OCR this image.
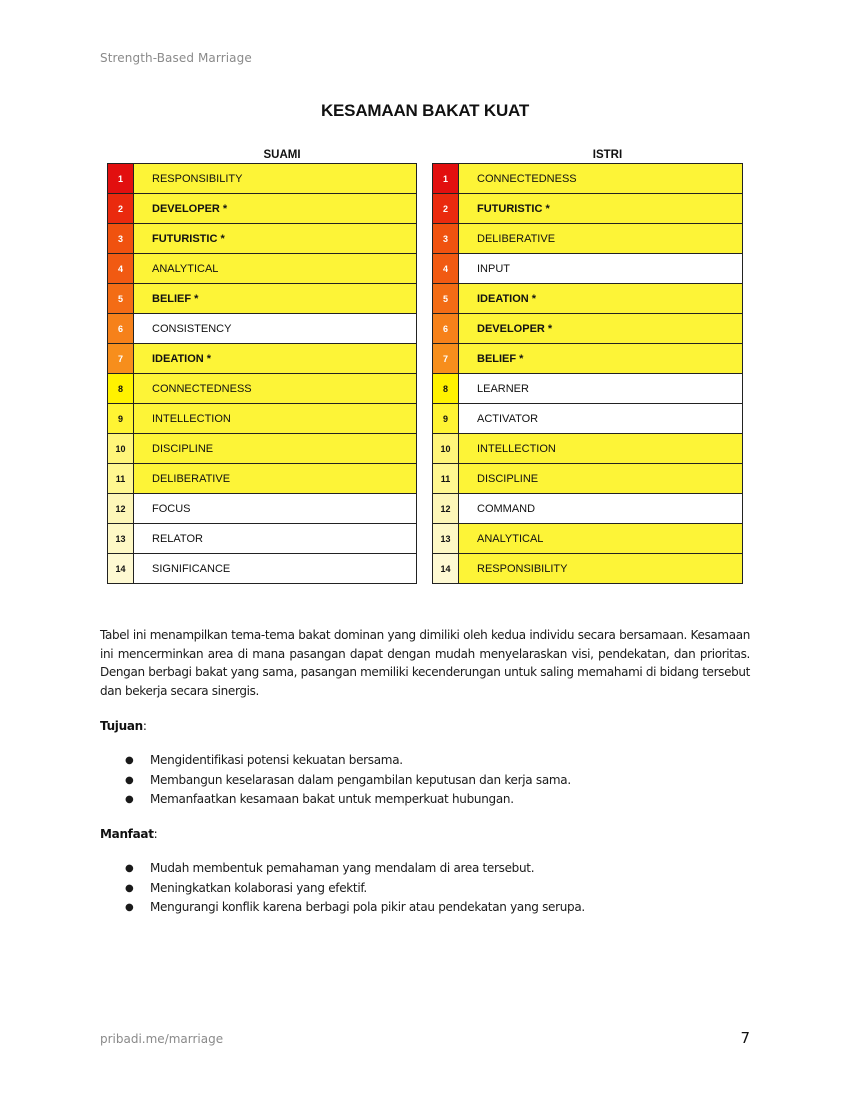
Strength-Based Marriage
KESAMAAN BAKAT KUAT
SUAMI
1	RESPONSIBILITY
2	DEVELOPER *
3	FUTURISTIC *
4	ANALYTICAL
5	BELIEF *
6	CONSISTENCY
7	IDEATION *
8	CONNECTEDNESS
9	INTELLECTION
10	DISCIPLINE
11	DELIBERATIVE
12	FOCUS
13	RELATOR
14	SIGNIFICANCE
ISTRI
1	CONNECTEDNESS
2	FUTURISTIC *
3	DELIBERATIVE
4	INPUT
5	IDEATION *
6	DEVELOPER *
7	BELIEF *
8	LEARNER
9	ACTIVATOR
10	INTELLECTION
11	DISCIPLINE
12	COMMAND
13	ANALYTICAL
14	RESPONSIBILITY
Tabel ini menampilkan tema-tema bakat dominan yang dimiliki oleh kedua individu secara bersamaan. Kesamaan ini mencerminkan area di mana pasangan dapat dengan mudah menyelaraskan visi, pendekatan, dan prioritas. Dengan berbagi bakat yang sama, pasangan memiliki kecenderungan untuk saling memahami di bidang tersebut dan bekerja secara sinergis.
Tujuan:
●	Mengidentifikasi potensi kekuatan bersama.
●	Membangun keselarasan dalam pengambilan keputusan dan kerja sama.
●	Memanfaatkan kesamaan bakat untuk memperkuat hubungan.
Manfaat:
●	Mudah membentuk pemahaman yang mendalam di area tersebut.
●	Meningkatkan kolaborasi yang efektif.
●	Mengurangi konflik karena berbagi pola pikir atau pendekatan yang serupa.
pribadi.me/marriage	7
